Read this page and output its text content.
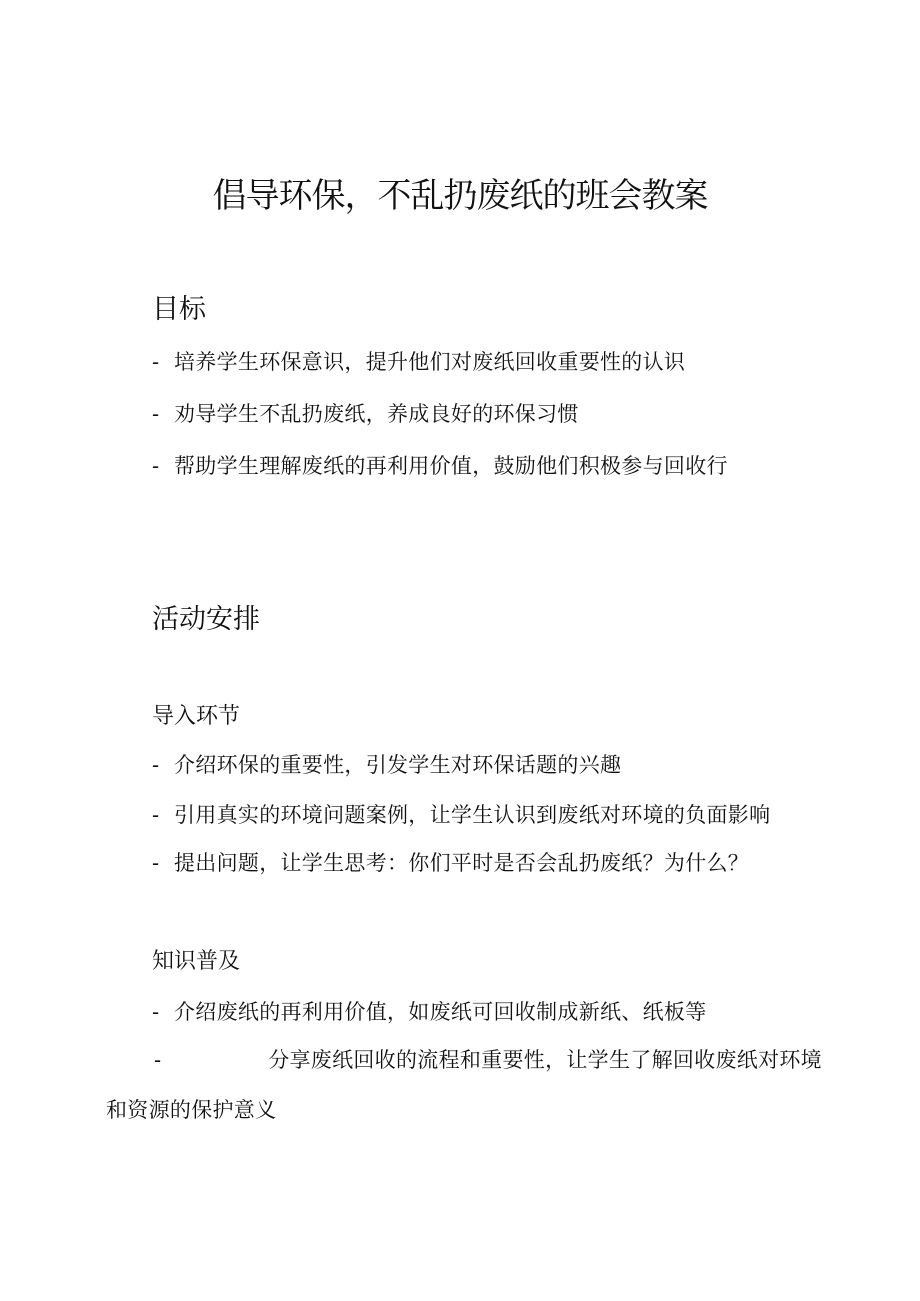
倡导环保，不乱扔废纸的班会教案
目标
- 培养学生环保意识，提升他们对废纸回收重要性的认识
- 劝导学生不乱扔废纸，养成良好的环保习惯
- 帮助学生理解废纸的再利用价值，鼓励他们积极参与回收行
活动安排
导入环节
- 介绍环保的重要性，引发学生对环保话题的兴趣
- 引用真实的环境问题案例，让学生认识到废纸对环境的负面影响
- 提出问题，让学生思考：你们平时是否会乱扔废纸？为什么？
知识普及
- 介绍废纸的再利用价值，如废纸可回收制成新纸、纸板等
-	分享废纸回收的流程和重要性，让学生了解回收废纸对环境
和资源的保护意义
